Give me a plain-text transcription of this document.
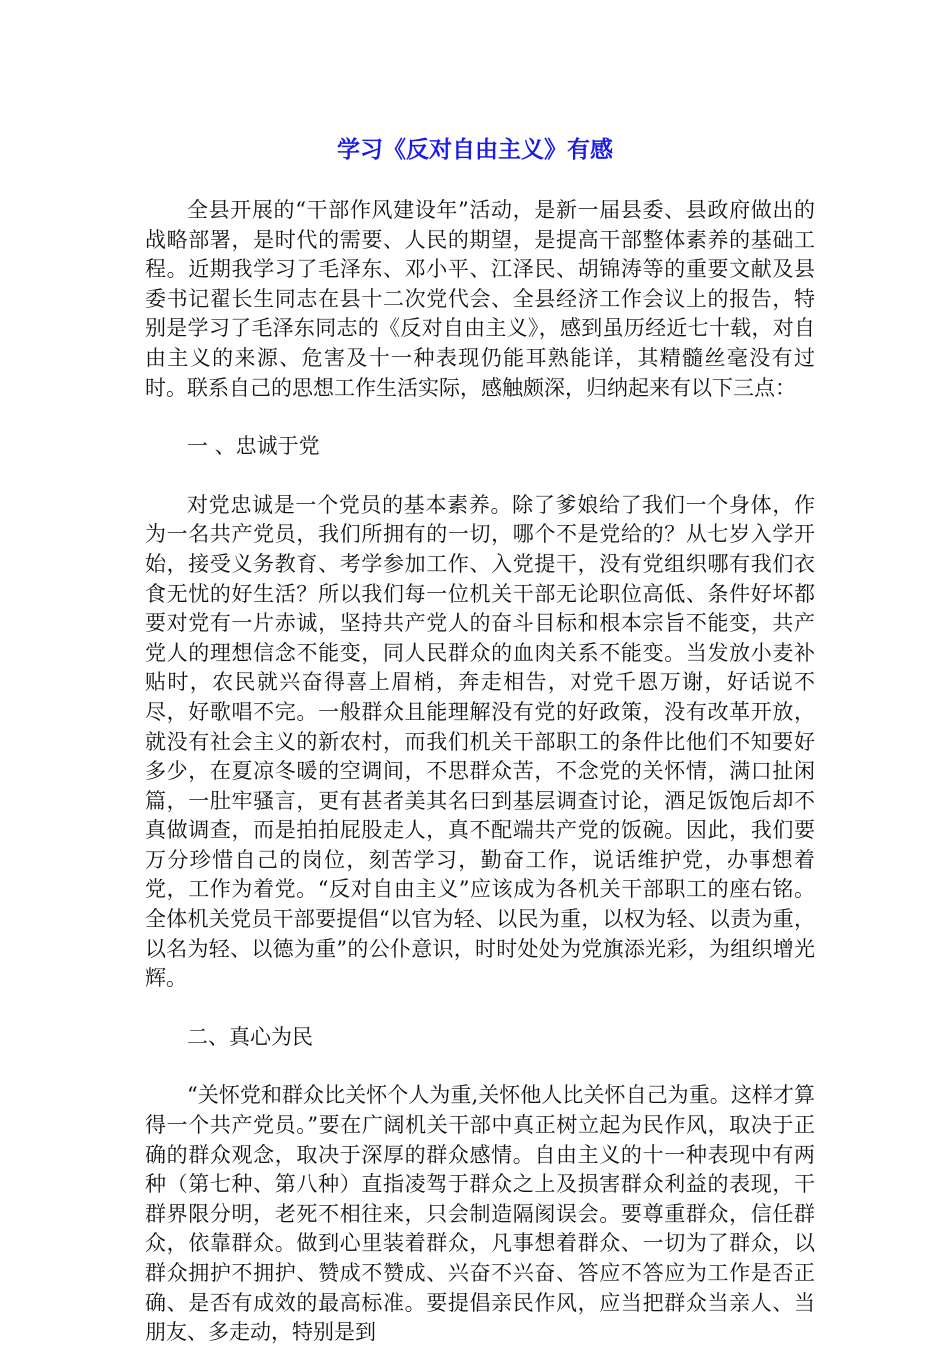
学习《反对自由主义》有感

全县开展的“干部作风建设年”活动，是新一届县委、县政府做出的战略部署，是时代的需要、人民的期望，是提高干部整体素养的基础工程。近期我学习了毛泽东、邓小平、江泽民、胡锦涛等的重要文献及县委书记翟长生同志在县十二次党代会、全县经济工作会议上的报告，特别是学习了毛泽东同志的《反对自由主义》，感到虽历经近七十载，对自由主义的来源、危害及十一种表现仍能耳熟能详，其精髓丝毫没有过时。联系自己的思想工作生活实际，感触颇深，归纳起来有以下三点：

一 、忠诚于党

对党忠诚是一个党员的基本素养。除了爹娘给了我们一个身体，作为一名共产党员，我们所拥有的一切，哪个不是党给的？从七岁入学开始，接受义务教育、考学参加工作、入党提干，没有党组织哪有我们衣食无忧的好生活？所以我们每一位机关干部无论职位高低、条件好坏都要对党有一片赤诚，坚持共产党人的奋斗目标和根本宗旨不能变，共产党人的理想信念不能变，同人民群众的血肉关系不能变。当发放小麦补贴时，农民就兴奋得喜上眉梢，奔走相告，对党千恩万谢，好话说不尽，好歌唱不完。一般群众且能理解没有党的好政策，没有改革开放，就没有社会主义的新农村，而我们机关干部职工的条件比他们不知要好多少，在夏凉冬暖的空调间，不思群众苦，不念党的关怀情，满口扯闲篇，一肚牢骚言，更有甚者美其名曰到基层调查讨论，酒足饭饱后却不真做调查，而是拍拍屁股走人，真不配端共产党的饭碗。因此，我们要万分珍惜自己的岗位，刻苦学习，勤奋工作，说话维护党，办事想着党，工作为着党。“反对自由主义”应该成为各机关干部职工的座右铭。全体机关党员干部要提倡“以官为轻、以民为重，以权为轻、以责为重，以名为轻、以德为重”的公仆意识，时时处处为党旗添光彩，为组织增光辉。

二、真心为民

“关怀党和群众比关怀个人为重,关怀他人比关怀自己为重。这样才算得一个共产党员。”要在广阔机关干部中真正树立起为民作风，取决于正确的群众观念，取决于深厚的群众感情。自由主义的十一种表现中有两种（第七种、第八种）直指凌驾于群众之上及损害群众利益的表现，干群界限分明，老死不相往来，只会制造隔阂误会。要尊重群众，信任群众，依靠群众。做到心里装着群众，凡事想着群众、一切为了群众，以群众拥护不拥护、赞成不赞成、兴奋不兴奋、答应不答应为工作是否正确、是否有成效的最高标准。要提倡亲民作风，应当把群众当亲人、当朋友、多走动，特别是到
